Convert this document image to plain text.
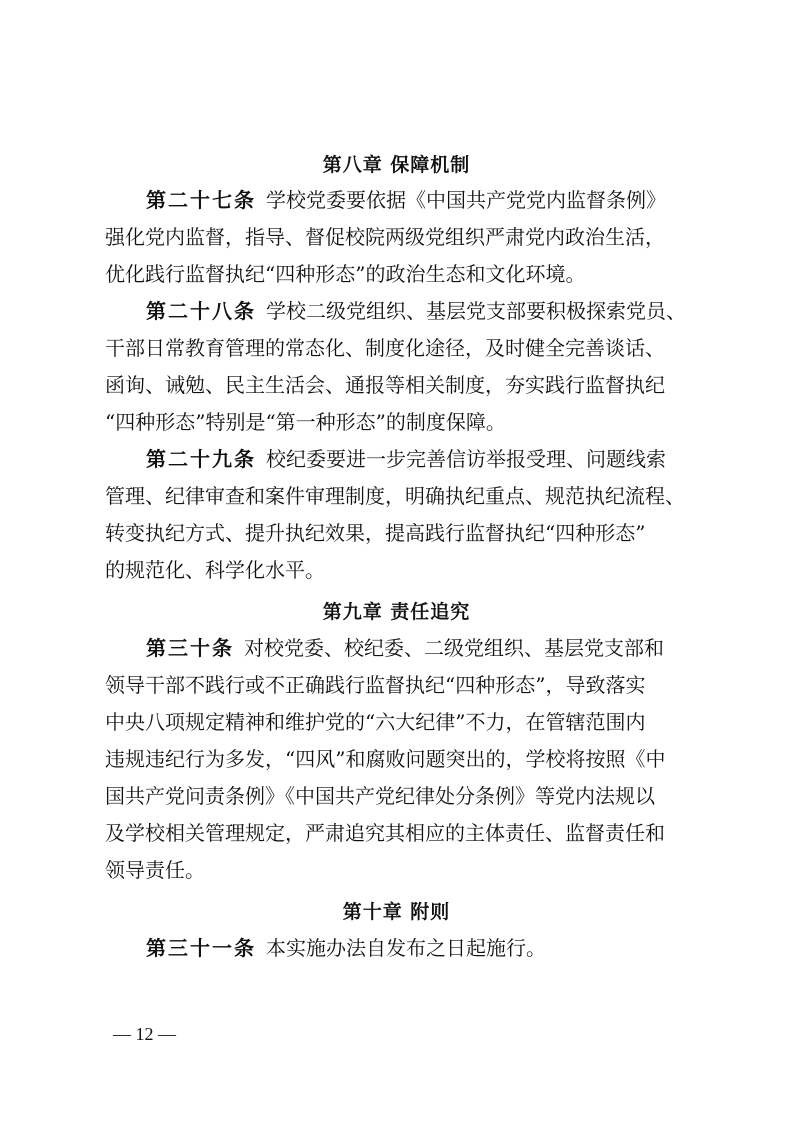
第八章 保障机制
第二十七条 学校党委要依据《中国共产党党内监督条例》
强化党内监督，指导、督促校院两级党组织严肃党内政治生活，
优化践行监督执纪“四种形态”的政治生态和文化环境。
第二十八条 学校二级党组织、基层党支部要积极探索党员、
干部日常教育管理的常态化、制度化途径，及时健全完善谈话、
函询、诫勉、民主生活会、通报等相关制度，夯实践行监督执纪
“四种形态”特别是“第一种形态”的制度保障。
第二十九条 校纪委要进一步完善信访举报受理、问题线索
管理、纪律审查和案件审理制度，明确执纪重点、规范执纪流程、
转变执纪方式、提升执纪效果，提高践行监督执纪“四种形态”
的规范化、科学化水平。
第九章 责任追究
第三十条 对校党委、校纪委、二级党组织、基层党支部和
领导干部不践行或不正确践行监督执纪“四种形态”，导致落实
中央八项规定精神和维护党的“六大纪律”不力，在管辖范围内
违规违纪行为多发，“四风”和腐败问题突出的，学校将按照《中
国共产党问责条例》《中国共产党纪律处分条例》等党内法规以
及学校相关管理规定，严肃追究其相应的主体责任、监督责任和
领导责任。
第十章 附则
第三十一条 本实施办法自发布之日起施行。
— 12 —
